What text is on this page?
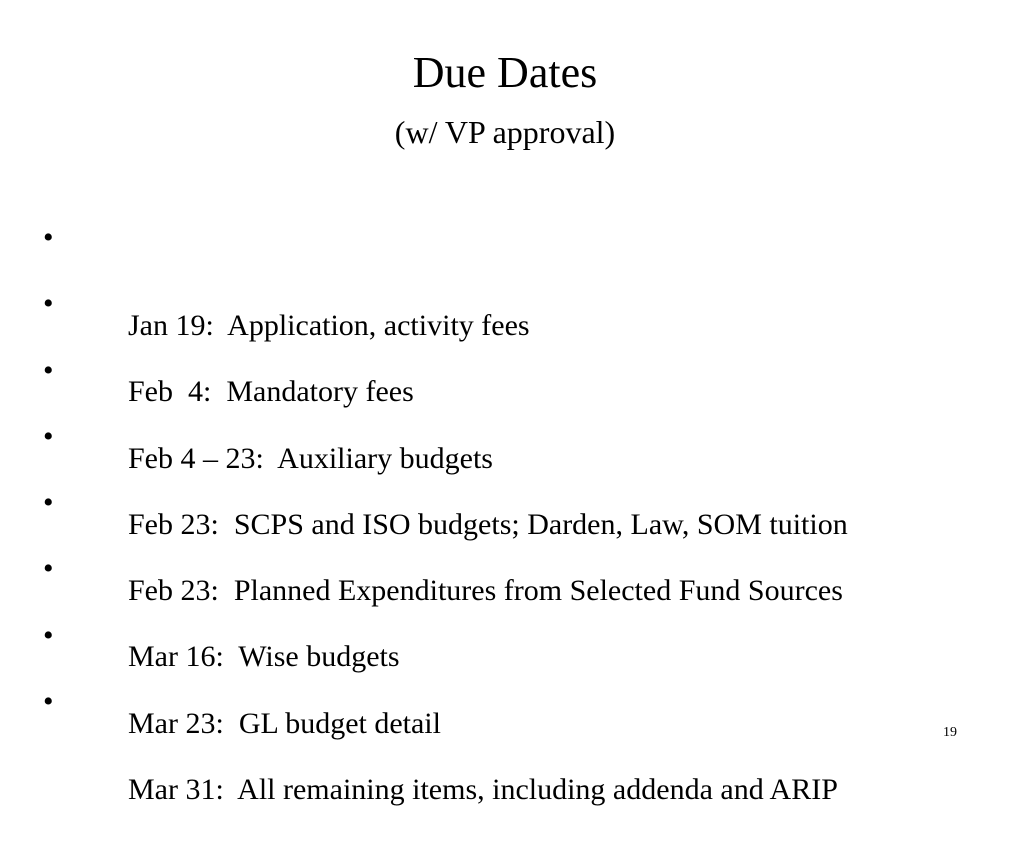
Due Dates
(w/ VP approval)

•

Jan 19:  Application, activity fees

•

Feb  4:  Mandatory fees

•

Feb 4 – 23:  Auxiliary budgets

•

Feb 23:  SCPS and ISO budgets; Darden, Law, SOM tuition

•

Feb 23:  Planned Expenditures from Selected Fund Sources

•

Mar 16:  Wise budgets

•

Mar 23:  GL budget detail

•

Mar 31:  All remaining items, including addenda and ARIP

19
